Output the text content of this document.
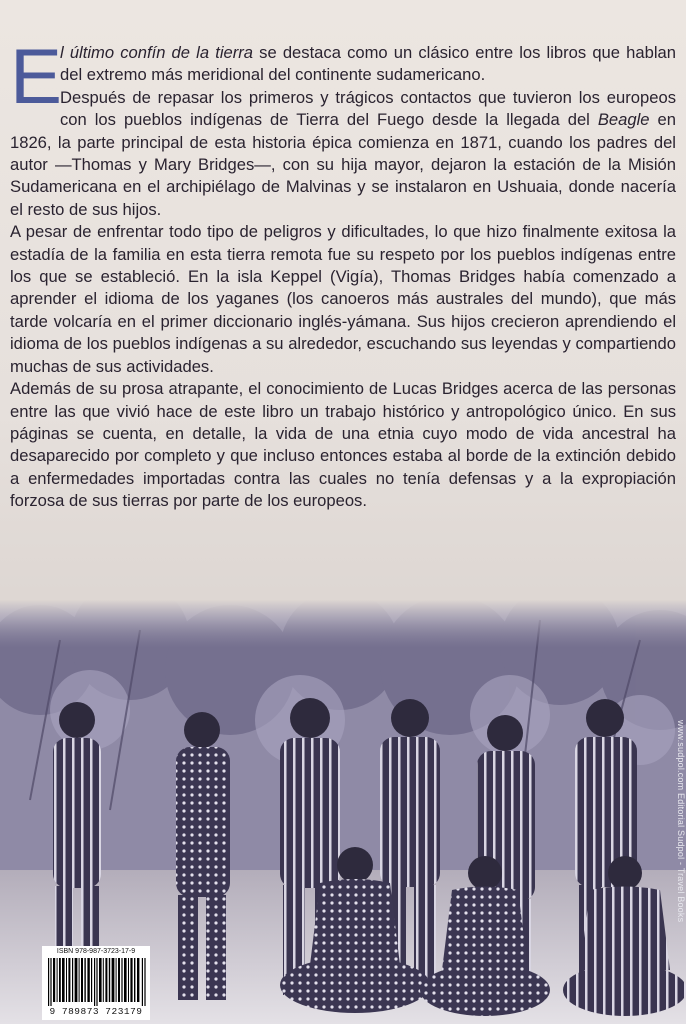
E
l último confín de la tierra se destaca como un clásico entre los libros que hablan del extremo más meridional del continente sudamericano.

Después de repasar los primeros y trágicos contactos que tuvieron los europeos con los pueblos indígenas de Tierra del Fuego desde la llegada del Beagle en 1826, la parte principal de esta historia épica comienza en 1871, cuando los padres del autor —Thomas y Mary Bridges—, con su hija mayor, dejaron la estación de la Misión Sudamericana en el archipiélago de Malvinas y se instalaron en Ushuaia, donde nacería el resto de sus hijos.

A pesar de enfrentar todo tipo de peligros y dificultades, lo que hizo finalmente exitosa la estadía de la familia en esta tierra remota fue su respeto por los pueblos indígenas entre los que se estableció. En la isla Keppel (Vigía), Thomas Bridges había comenzado a aprender el idioma de los yaganes (los canoeros más australes del mundo), que más tarde volcaría en el primer diccionario inglés-yámana. Sus hijos crecieron aprendiendo el idioma de los pueblos indígenas a su alrededor, escuchando sus leyendas y compartiendo muchas de sus actividades.

Además de su prosa atrapante, el conocimiento de Lucas Bridges acerca de las personas entre las que vivió hace de este libro un trabajo histórico y antropológico único. En sus páginas se cuenta, en detalle, la vida de una etnia cuyo modo de vida ancestral ha desaparecido por completo y que incluso entonces estaba al borde de la extinción debido a enfermedades importadas contra las cuales no tenía defensas y a la expropiación forzosa de sus tierras por parte de los europeos.

www.sudpol.com Editorial Sudpol - Travel Books
ISBN 978-987-3723-17-9
9 789873 723179
